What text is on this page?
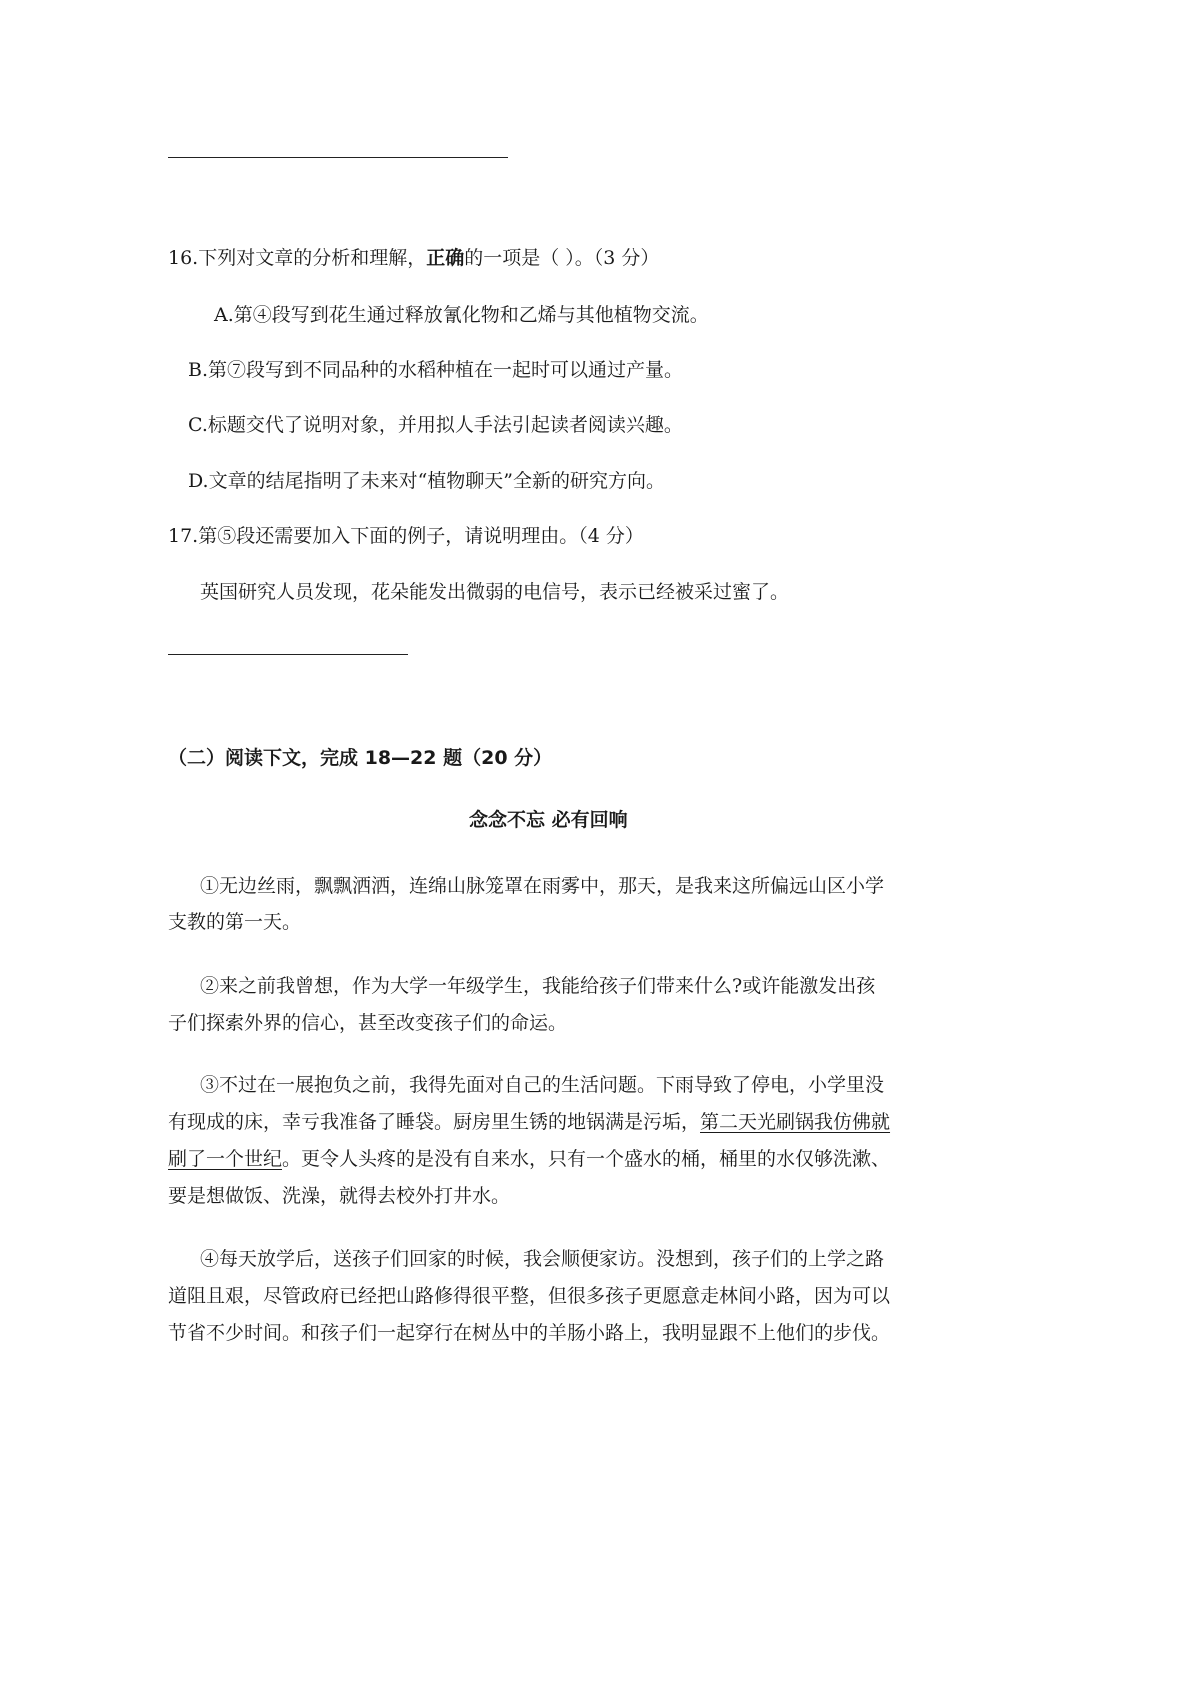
16.下列对文章的分析和理解，正确的一项是（ ）。（3 分）
A.第④段写到花生通过释放氰化物和乙烯与其他植物交流。
B.第⑦段写到不同品种的水稻种植在一起时可以通过产量。
C.标题交代了说明对象，并用拟人手法引起读者阅读兴趣。
D.文章的结尾指明了未来对“植物聊天”全新的研究方向。
17.第⑤段还需要加入下面的例子，请说明理由。（4 分）
英国研究人员发现，花朵能发出微弱的电信号，表示已经被采过蜜了。
（二）阅读下文，完成 18—22 题（20 分）
念念不忘 必有回响
①无边丝雨，飘飘洒洒，连绵山脉笼罩在雨雾中，那天，是我来这所偏远山区小学
支教的第一天。
②来之前我曾想，作为大学一年级学生，我能给孩子们带来什么?或许能激发出孩
子们探索外界的信心，甚至改变孩子们的命运。
③不过在一展抱负之前，我得先面对自己的生活问题。下雨导致了停电，小学里没
有现成的床，幸亏我准备了睡袋。厨房里生锈的地锅满是污垢，第二天光刷锅我仿佛就
刷了一个世纪。更令人头疼的是没有自来水，只有一个盛水的桶，桶里的水仅够洗漱、
要是想做饭、洗澡，就得去校外打井水。
④每天放学后，送孩子们回家的时候，我会顺便家访。没想到，孩子们的上学之路
道阻且艰，尽管政府已经把山路修得很平整，但很多孩子更愿意走林间小路，因为可以
节省不少时间。和孩子们一起穿行在树丛中的羊肠小路上，我明显跟不上他们的步伐。
